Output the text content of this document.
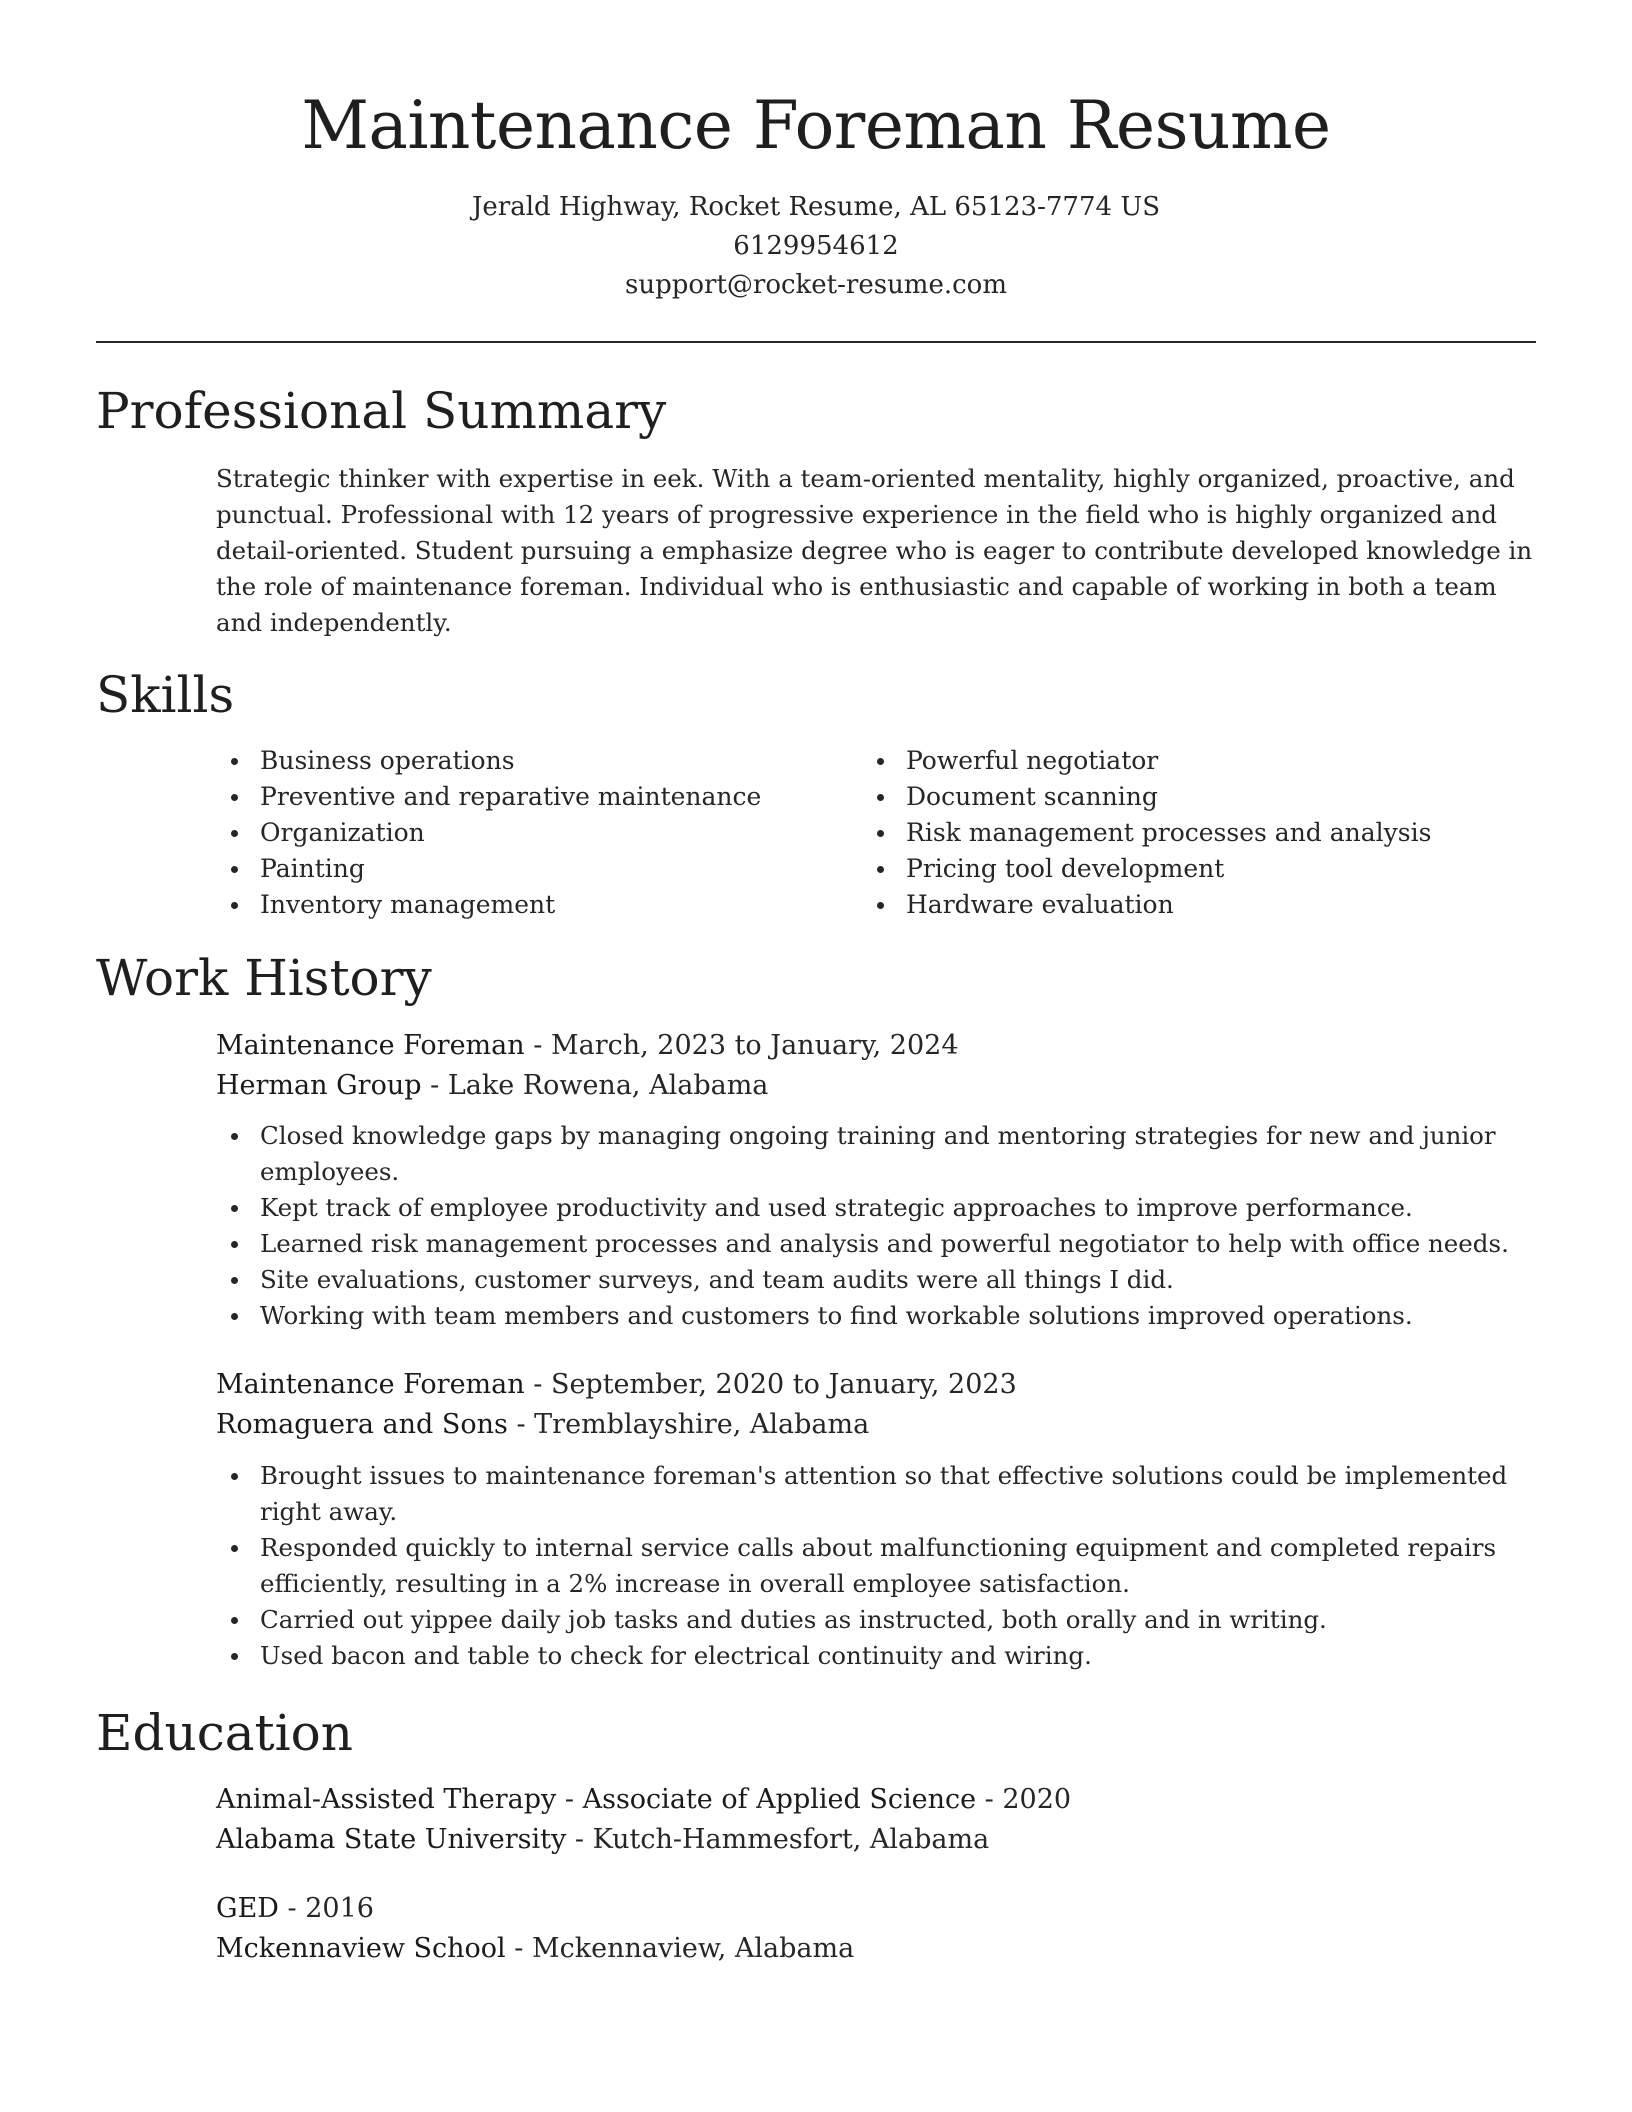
Maintenance Foreman Resume

Jerald Highway, Rocket Resume, AL 65123-7774 US

6129954612

support@rocket-resume.com

Professional Summary

Strategic thinker with expertise in eek. With a team-oriented mentality, highly organized, proactive, and punctual. Professional with 12 years of progressive experience in the field who is highly organized and detail-oriented. Student pursuing a emphasize degree who is eager to contribute developed knowledge in the role of maintenance foreman. Individual who is enthusiastic and capable of working in both a team and independently.

Skills
Business operations
Preventive and reparative maintenance
Organization
Painting
Inventory management
Powerful negotiator
Document scanning
Risk management processes and analysis
Pricing tool development
Hardware evaluation
Work History

Maintenance Foreman - March, 2023 to January, 2024

Herman Group - Lake Rowena, Alabama

Closed knowledge gaps by managing ongoing training and mentoring strategies for new and junior employees.
Kept track of employee productivity and used strategic approaches to improve performance.
Learned risk management processes and analysis and powerful negotiator to help with office needs.
Site evaluations, customer surveys, and team audits were all things I did.
Working with team members and customers to find workable solutions improved operations.

Maintenance Foreman - September, 2020 to January, 2023

Romaguera and Sons - Tremblayshire, Alabama

Brought issues to maintenance foreman's attention so that effective solutions could be implemented right away.
Responded quickly to internal service calls about malfunctioning equipment and completed repairs efficiently, resulting in a 2% increase in overall employee satisfaction.
Carried out yippee daily job tasks and duties as instructed, both orally and in writing.
Used bacon and table to check for electrical continuity and wiring.
Education

Animal-Assisted Therapy - Associate of Applied Science - 2020

Alabama State University - Kutch-Hammesfort, Alabama

GED - 2016

Mckennaview School - Mckennaview, Alabama
